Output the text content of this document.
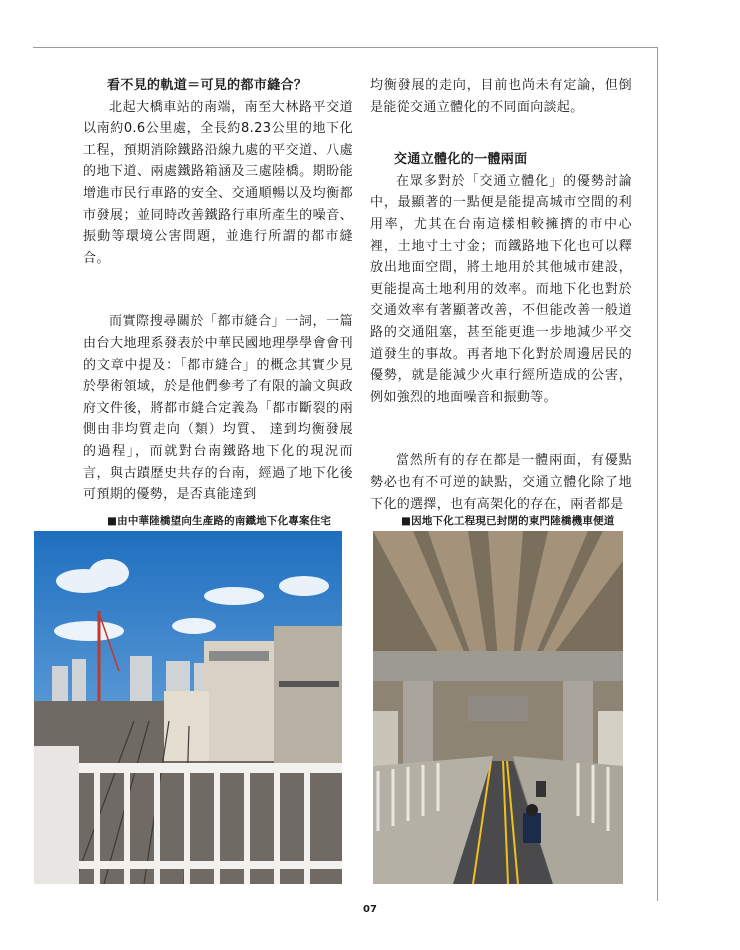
看不見的軌道＝可見的都市縫合？

北起大橋車站的南端，南至大林路平交道以南約0.6公里處，全長約8.23公里的地下化工程，預期消除鐵路沿線九處的平交道、八處的地下道、兩處鐵路箱涵及三處陸橋。期盼能增進市民行車路的安全、交通順暢以及均衡都市發展；並同時改善鐵路行車所產生的噪音、振動等環境公害問題，並進行所謂的都市縫合。

而實際搜尋關於「都市縫合」一詞，一篇由台大地理系發表於中華民國地理學學會會刊的文章中提及：「都市縫合」的概念其實少見於學術領域，於是他們參考了有限的論文與政府文件後，將都市縫合定義為「都市斷裂的兩側由非均質走向（類）均質、 達到均衡發展的過程」，而就對台南鐵路地下化的現況而言，與古蹟歷史共存的台南，經過了地下化後可預期的優勢，是否真能達到

均衡發展的走向，目前也尚未有定論，但倒是能從交通立體化的不同面向談起。

交通立體化的一體兩面

在眾多對於「交通立體化」的優勢討論中，最顯著的一點便是能提高城市空間的利用率，尤其在台南這樣相較擁擠的市中心裡，土地寸土寸金；而鐵路地下化也可以釋放出地面空間，將土地用於其他城市建設，更能提高土地利用的效率。而地下化也對於交通效率有著顯著改善，不但能改善一般道路的交通阻塞，甚至能更進一步地減少平交道發生的事故。再者地下化對於周邊居民的優勢，就是能減少火車行經所造成的公害，例如強烈的地面噪音和振動等。

當然所有的存在都是一體兩面，有優點勢必也有不可逆的缺點，交通立體化除了地下化的選擇，也有高架化的存在，兩者都是

■由中華陸橋望向生產路的南鐵地下化專案住宅	■因地下化工程現已封閉的東門陸橋機車便道
07
